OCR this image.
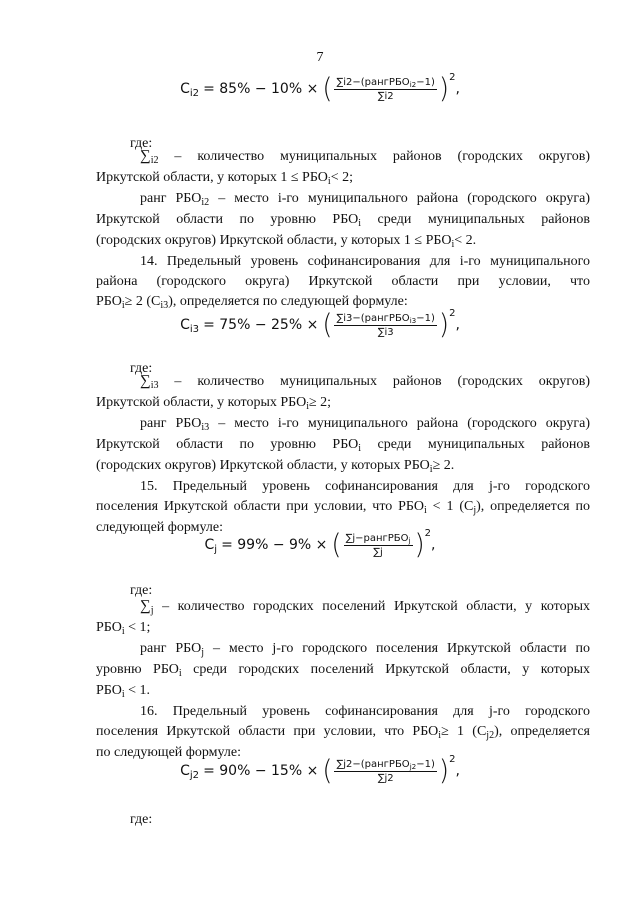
7
$C_{i2} = 85\% - 10\%$ × ( $\frac{\sum i2-(рангРБО_{i2}-1)}{\sum i2}$ ) 2
,
где:

$\sum_{i2}$ – количество муниципальных районов (городских округов)

Иркутской области, у которых $1 \le РБО_i< 2$;

ранг $РБО_{i2}$ – место i-го муниципального района (городского округа)

Иркутской области по уровню $РБО_i$ среди муниципальных районов

(городских округов) Иркутской области, у которых $1 \le РБО_i< 2$.

14. Предельный уровень софинансирования для i-го муниципального

района (городского округа) Иркутской области при условии, что

$РБО_i\ge 2$ $(C_{i3})$, определяется по следующей формуле:

$C_{i3} = 75\% - 25\%$ × ( $\frac{\sum i3-(рангРБО_{i3}-1)}{\sum i3}$ ) 2
,
где:

$\sum_{i3}$ – количество муниципальных районов (городских округов)

Иркутской области, у которых $РБО_i\ge 2$;

ранг $РБО_{i3}$ – место i-го муниципального района (городского округа)

Иркутской области по уровню $РБО_i$ среди муниципальных районов

(городских округов) Иркутской области, у которых $РБО_i\ge 2$.

15. Предельный уровень софинансирования для j-го городского

поселения Иркутской области при условии, что $РБО_i < 1$ $(C_j)$, определяется по

следующей формуле:

$C_j = 99\% - 9\%$ × ( $\frac{\sum j-рангРБО_j}{\sum j}$ ) 2
,
где:

$\sum_j$ – количество городских поселений Иркутской области, у которых

$РБО_i < 1$;

ранг $РБО_j$ – место j-го городского поселения Иркутской области по

уровню $РБО_i$ среди городских поселений Иркутской области, у которых

$РБО_i < 1$.

16. Предельный уровень софинансирования для j-го городского

поселения Иркутской области при условии, что $РБО_i\ge 1$ $(C_{j2})$, определяется

по следующей формуле:

$C_{j2} = 90\% - 15\%$ × ( $\frac{\sum j2-(рангРБО_{j2}-1)}{\sum j2}$ ) 2
,
где:
